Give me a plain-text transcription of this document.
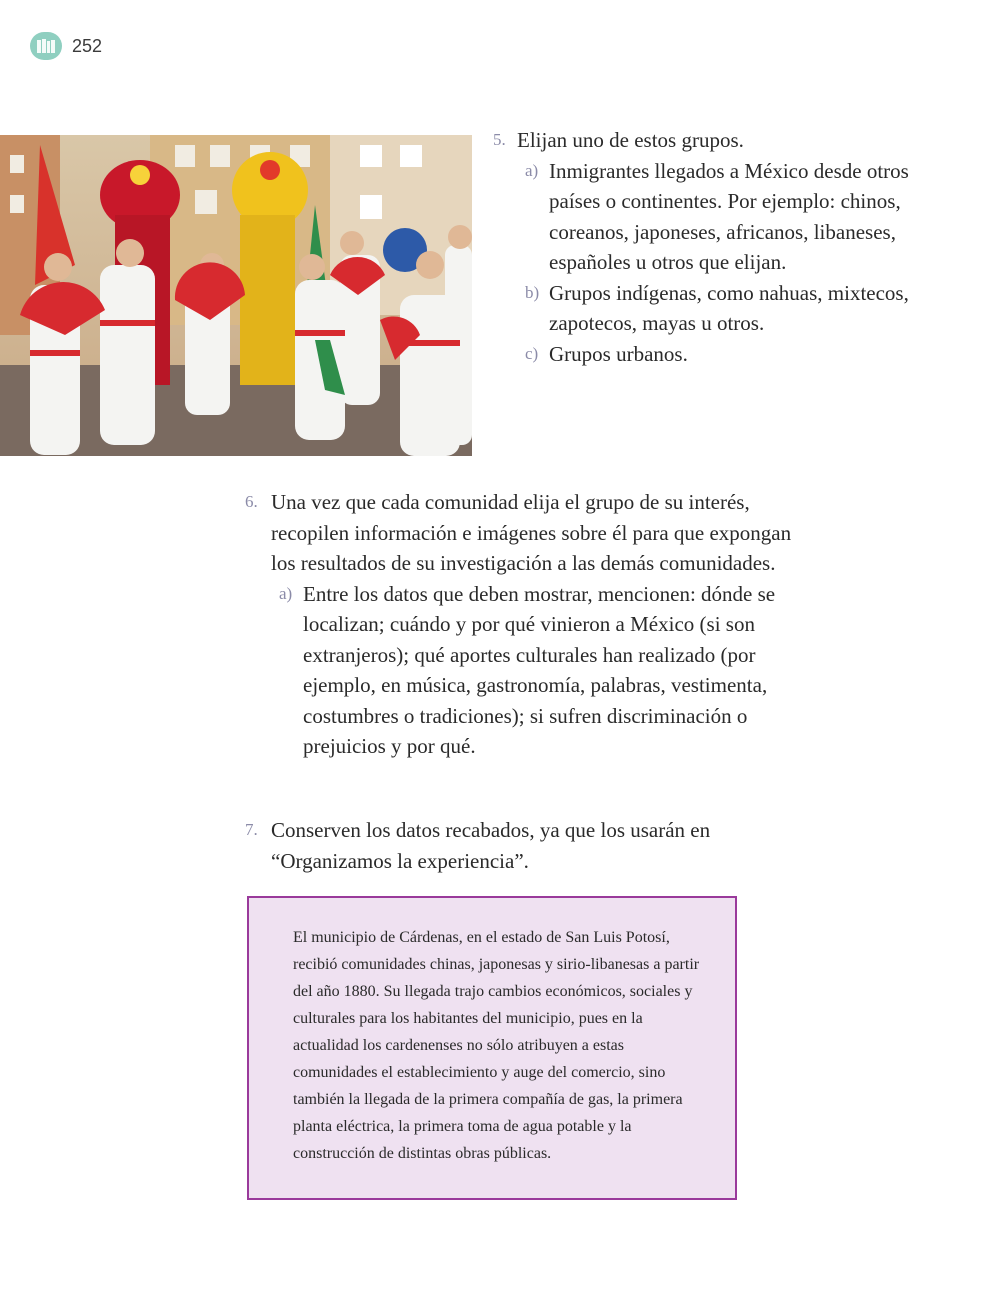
252
5. Elijan uno de estos grupos.
a) Inmigrantes llegados a México desde otros países o continentes. Por ejemplo: chinos, coreanos, japoneses, africanos, libaneses, españoles u otros que elijan.
b) Grupos indígenas, como nahuas, mixtecos, zapotecos, mayas u otros.
c) Grupos urbanos.
6. Una vez que cada comunidad elija el grupo de su interés, recopilen información e imágenes sobre él para que expongan los resultados de su investigación a las demás comunidades.
a) Entre los datos que deben mostrar, mencionen: dónde se localizan; cuándo y por qué vinieron a México (si son extranjeros); qué aportes culturales han realizado (por ejemplo, en música, gastronomía, palabras, vestimenta, costumbres o tradiciones); si sufren discriminación o prejuicios y por qué.
7. Conserven los datos recabados, ya que los usarán en “Organizamos la experiencia”.

El municipio de Cárdenas, en el estado de San Luis Potosí, recibió comunidades chinas, japonesas y sirio-libanesas a partir del año 1880. Su llegada trajo cambios económicos, sociales y culturales para los habitantes del municipio, pues en la actualidad los cardenenses no sólo atribuyen a estas comunidades el establecimiento y auge del comercio, sino también la llegada de la primera compañía de gas, la primera planta eléctrica, la primera toma de agua potable y la construcción de distintas obras públicas.
